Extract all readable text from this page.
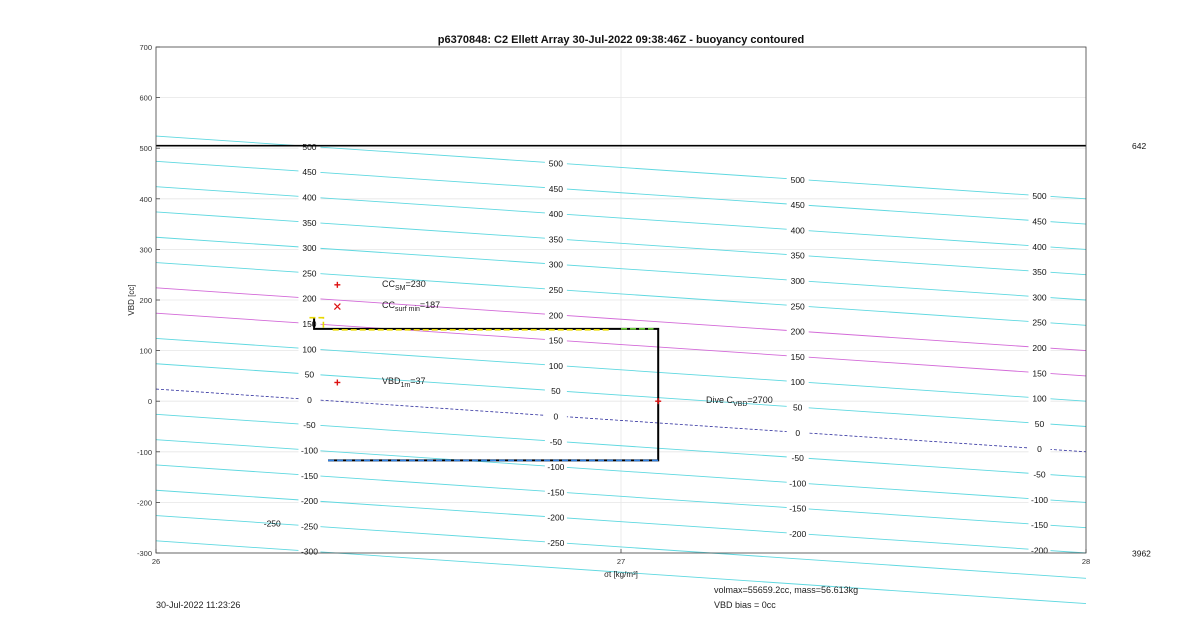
-300
-250
-200
-150
-100
-50
0
50
100
150
200
250
300
350
400
450
500
-250
-200
-150
-100
-50
0
50
100
150
200
250
300
350
400
450
500
-200
-150
-100
-50
0
50
100
150
200
250
300
350
400
450
500
-200
-150
-100
-50
0
50
100
150
200
250
300
350
400
450
500
-250
-300
-200
-100
0
100
200
300
400
500
600
700
26	27	28
σt [kg/m³]
642
3962
p6370848: C2 Ellett Array 30-Jul-2022 09:38:46Z - buoyancy contoured
VBD [cc]
$CC_{SM}=230$
$CC_{surf min}=187$
$VBD_{1m}=37$
Dive $C_{VBD}=2700$
30-Jul-2022 11:23:26
volmax=55659.2cc, mass=56.613kg
VBD bias = 0cc
